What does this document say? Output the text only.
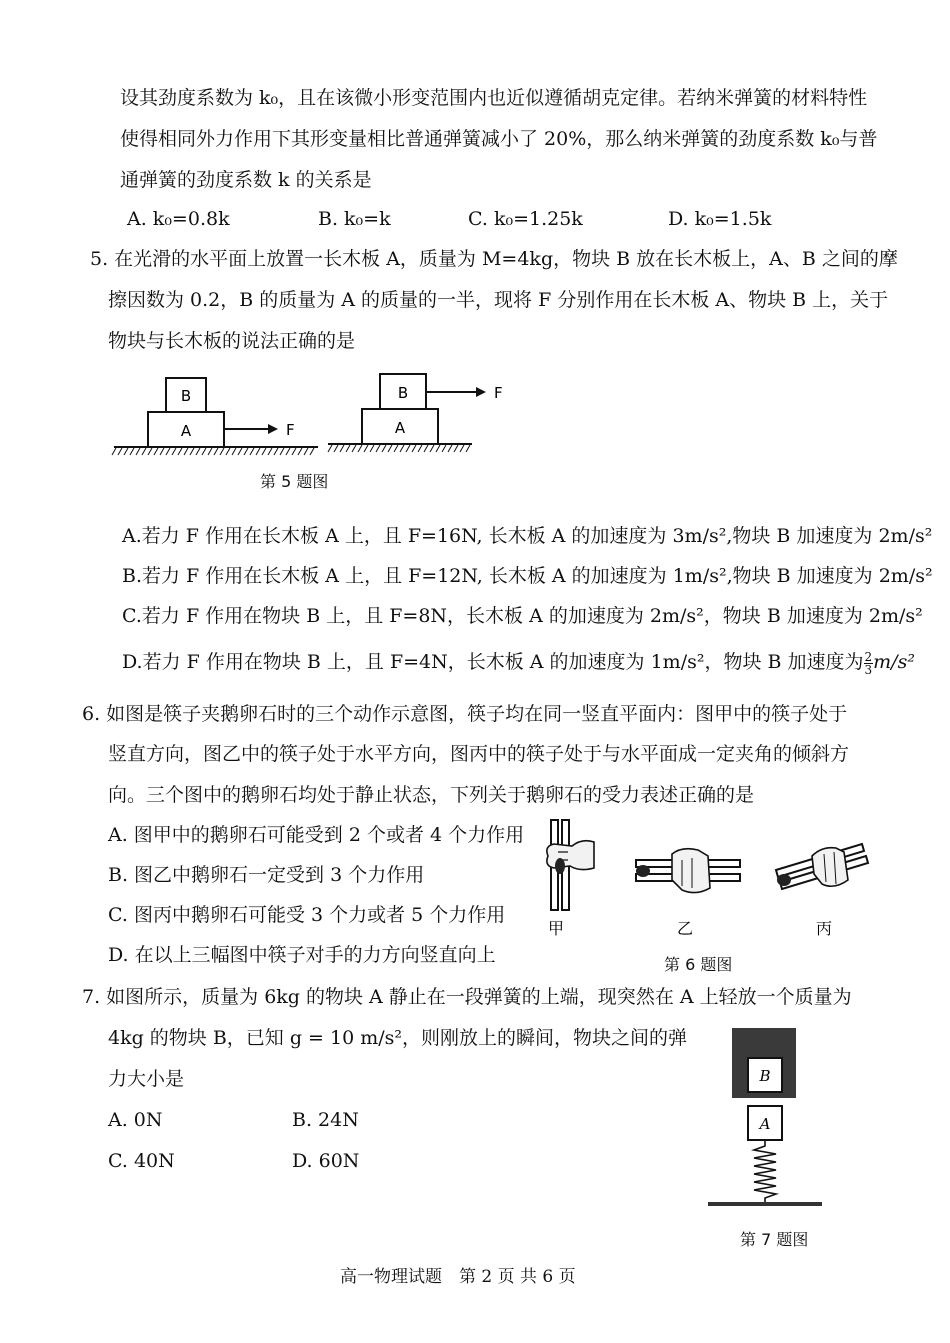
设其劲度系数为 k₀，且在该微小形变范围内也近似遵循胡克定律。若纳米弹簧的材料特性
使得相同外力作用下其形变量相比普通弹簧减小了 20%，那么纳米弹簧的劲度系数 k₀与普
通弹簧的劲度系数 k 的关系是
A. k₀=0.8k	B. k₀=k	C. k₀=1.25k	D. k₀=1.5k
5. 在光滑的水平面上放置一长木板 A，质量为 M=4kg，物块 B 放在长木板上，A、B 之间的摩
擦因数为 0.2，B 的质量为 A 的质量的一半，现将 F 分别作用在长木板 A、物块 B 上，关于
物块与长木板的说法正确的是
B
A	F
B
A
F
第 5 题图
A.若力 F 作用在长木板 A 上，且 F=16N, 长木板 A 的加速度为 3m/s²,物块 B 加速度为 2m/s²
B.若力 F 作用在长木板 A 上，且 F=12N, 长木板 A 的加速度为 1m/s²,物块 B 加速度为 2m/s²
C.若力 F 作用在物块 B 上，且 F=8N，长木板 A 的加速度为 2m/s²，物块 B 加速度为 2m/s²
D.若力 F 作用在物块 B 上，且 F=4N，长木板 A 的加速度为 1m/s²，物块 B 加速度为 $\frac{2}{3} m/s^2$
6. 如图是筷子夹鹅卵石时的三个动作示意图，筷子均在同一竖直平面内：图甲中的筷子处于
竖直方向，图乙中的筷子处于水平方向，图丙中的筷子处于与水平面成一定夹角的倾斜方
向。三个图中的鹅卵石均处于静止状态，下列关于鹅卵石的受力表述正确的是
A. 图甲中的鹅卵石可能受到 2 个或者 4 个力作用
B. 图乙中鹅卵石一定受到 3 个力作用
C. 图丙中鹅卵石可能受 3 个力或者 5 个力作用
D. 在以上三幅图中筷子对手的力方向竖直向上
甲	乙	丙
第 6 题图
7. 如图所示，质量为 6kg 的物块 A 静止在一段弹簧的上端，现突然在 A 上轻放一个质量为
4kg 的物块 B，已知 g = 10 m/s²，则刚放上的瞬间，物块之间的弹
力大小是
A. 0N	B. 24N
C. 40N	D. 60N
B
A
第 7 题图
高一物理试题　第 2 页 共 6 页
